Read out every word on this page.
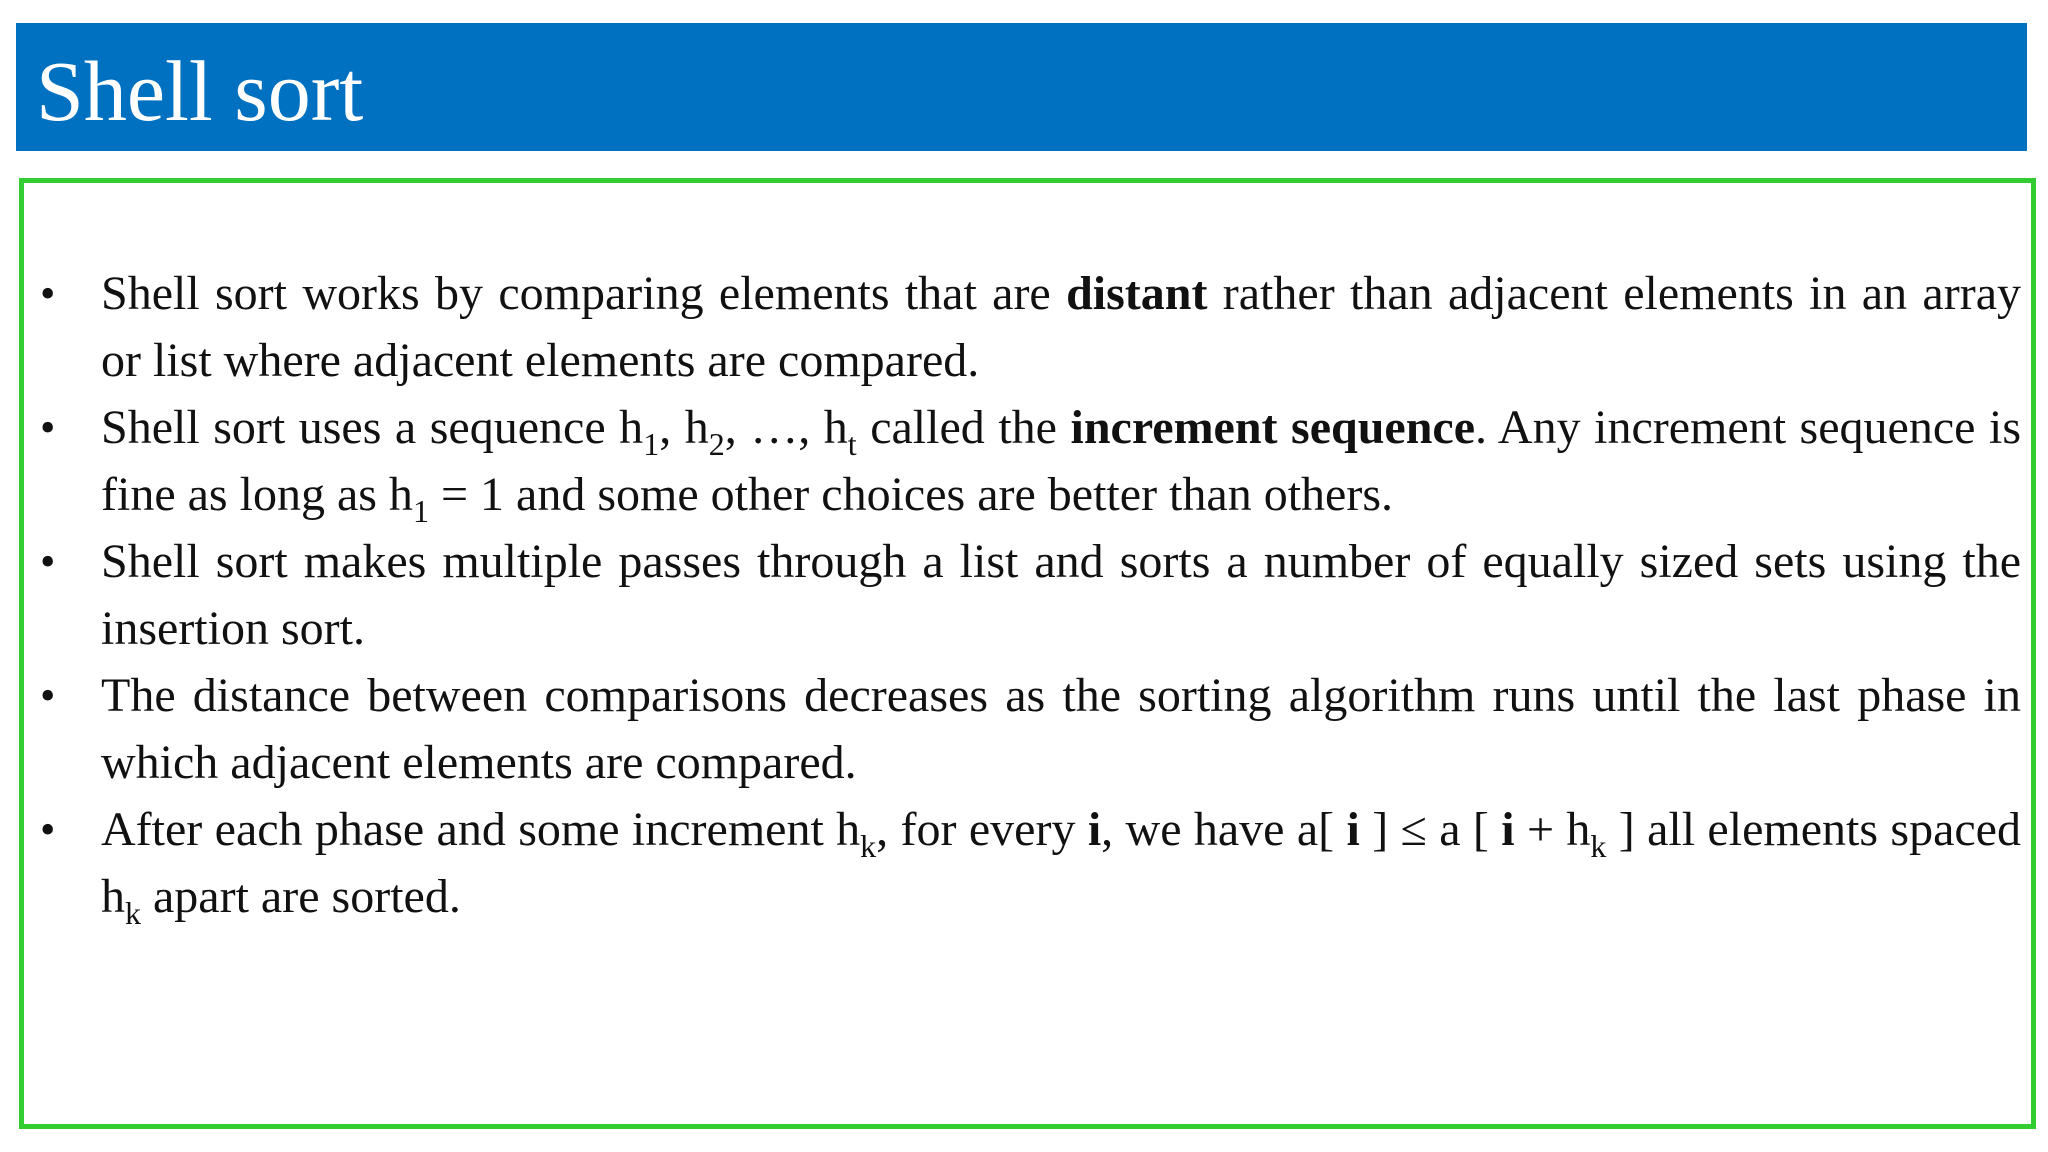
Shell sort
• Shell sort works by comparing elements that are distant rather than adjacent elements in an array or list where adjacent elements are compared.
• Shell sort uses a sequence $h_1$, $h_2$, …, $h_t$ called the increment sequence. Any increment sequence is fine as long as $h_1 = 1$ and some other choices are better than others.
• Shell sort makes multiple passes through a list and sorts a number of equally sized sets using the insertion sort.
• The distance between comparisons decreases as the sorting algorithm runs until the last phase in which adjacent elements are compared.
• After each phase and some increment $h_k$, for every i, we have a[ i ] ≤ a [ $i + h_k$ ] all elements spaced $h_k$ apart are sorted.
